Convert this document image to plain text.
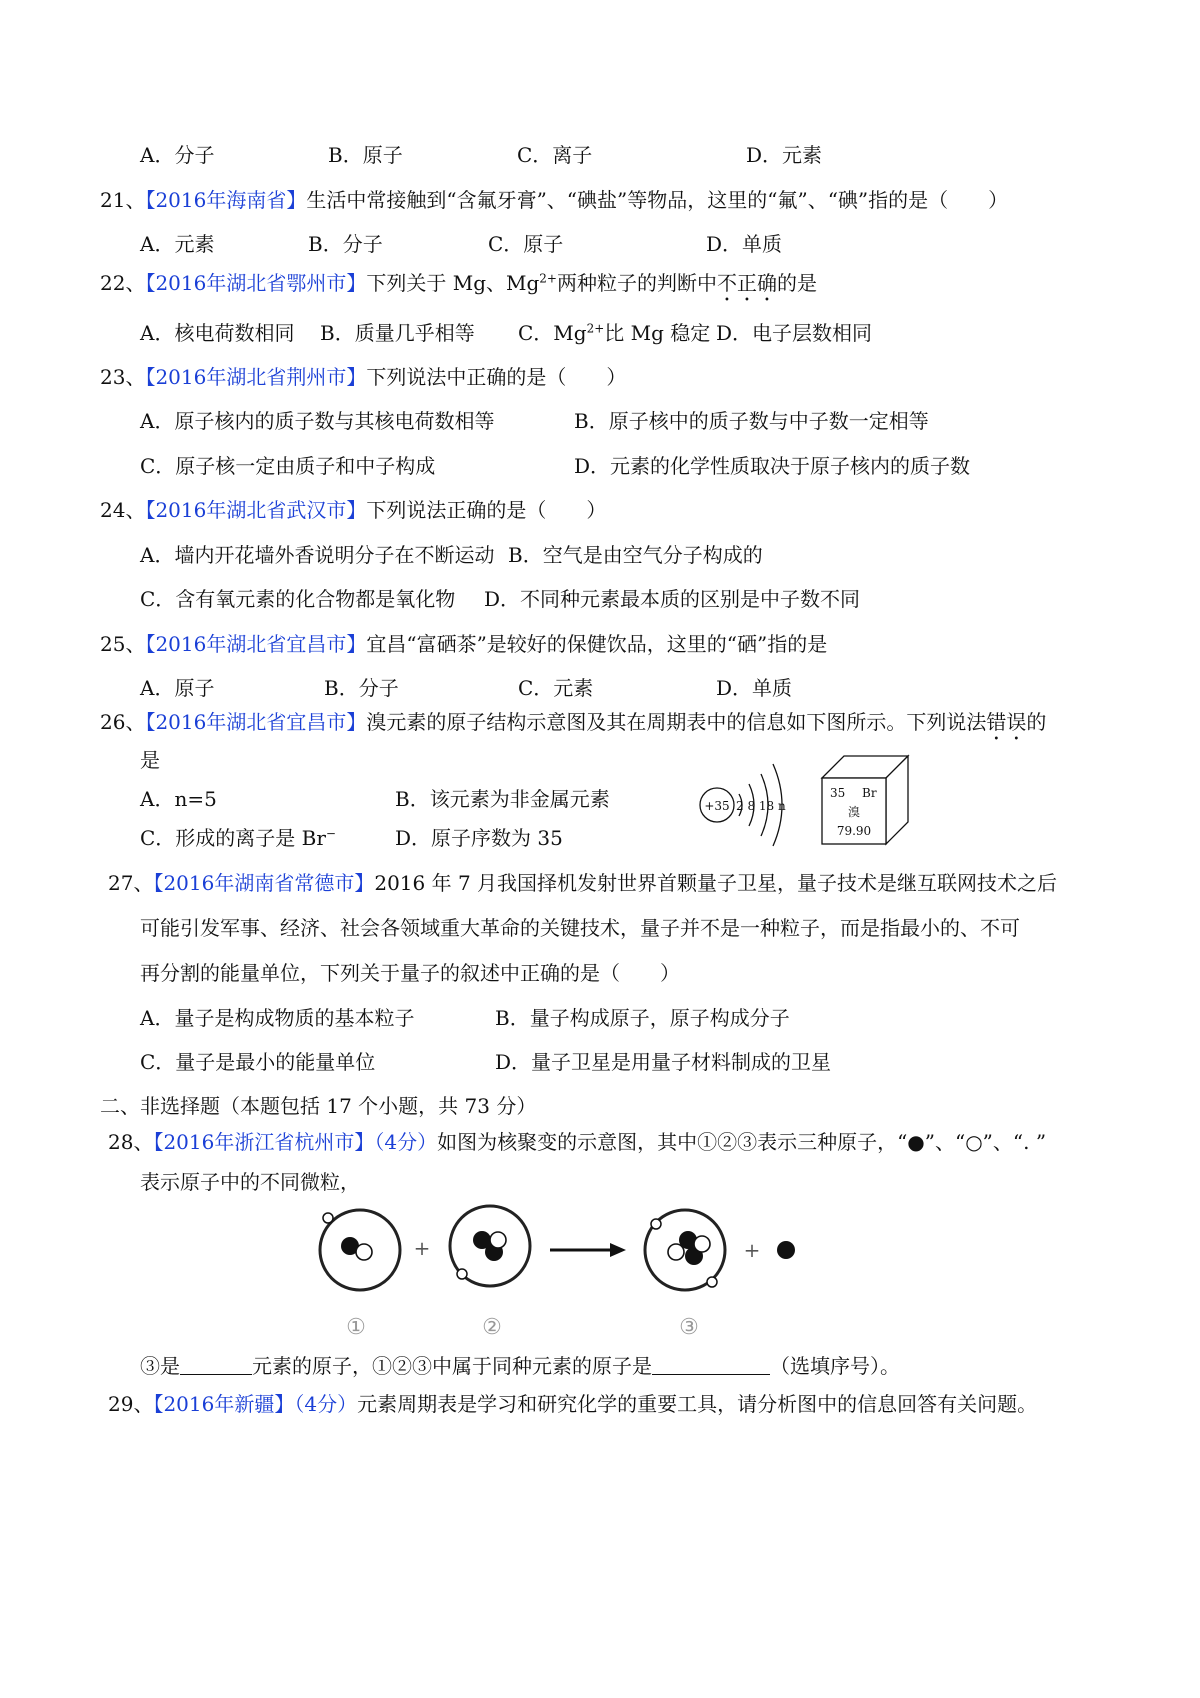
A．分子	B．原子	C．离子	D．元素
21、【2016年海南省】生活中常接触到“含氟牙膏”、“碘盐”等物品，这里的“氟”、“碘”指的是（　　）
A．元素	B．分子	C．原子	D．单质
22、【2016年湖北省鄂州市】下列关于 Mg、$Mg^{2+}$两种粒子的判断中不正确的是
A．核电荷数相同 B．质量几乎相等 C．$Mg^{2+}$比 Mg 稳定 D．电子层数相同
23、【2016年湖北省荆州市】下列说法中正确的是（　　）
A．原子核内的质子数与其核电荷数相等	B．原子核中的质子数与中子数一定相等
C．原子核一定由质子和中子构成	D．元素的化学性质取决于原子核内的质子数
24、【2016年湖北省武汉市】下列说法正确的是（　　）
A．墙内开花墙外香说明分子在不断运动 B．空气是由空气分子构成的
C．含有氧元素的化合物都是氧化物 D．不同种元素最本质的区别是中子数不同
25、【2016年湖北省宜昌市】宜昌“富硒茶”是较好的保健饮品，这里的“硒”指的是
A．原子	B．分子	C．元素	D．单质
26、【2016年湖北省宜昌市】溴元素的原子结构示意图及其在周期表中的信息如下图所示。下列说法错误的
是
A．n=5	B．该元素为非金属元素
C．形成的离子是 Br−	D．原子序数为 35
+35 2 8 18 n
35 Br
溴
79.90
27、【2016年湖南省常德市】2016 年 7 月我国择机发射世界首颗量子卫星，量子技术是继互联网技术之后
可能引发军事、经济、社会各领域重大革命的关键技术，量子并不是一种粒子，而是指最小的、不可
再分割的能量单位，下列关于量子的叙述中正确的是（　　）
A．量子是构成物质的基本粒子	B．量子构成原子，原子构成分子
C．量子是最小的能量单位	D．量子卫星是用量子材料制成的卫星
二、非选择题（本题包括 17 个小题，共 73 分）
28、【2016年浙江省杭州市】（4分）如图为核聚变的示意图，其中①②③表示三种原子，“●”、“○”、“. ”
表示原子中的不同微粒，
+	+
①	②	③
③是	元素的原子，①②③中属于同种元素的原子是	（选填序号）。
29、【2016年新疆】（4分）元素周期表是学习和研究化学的重要工具，请分析图中的信息回答有关问题。
